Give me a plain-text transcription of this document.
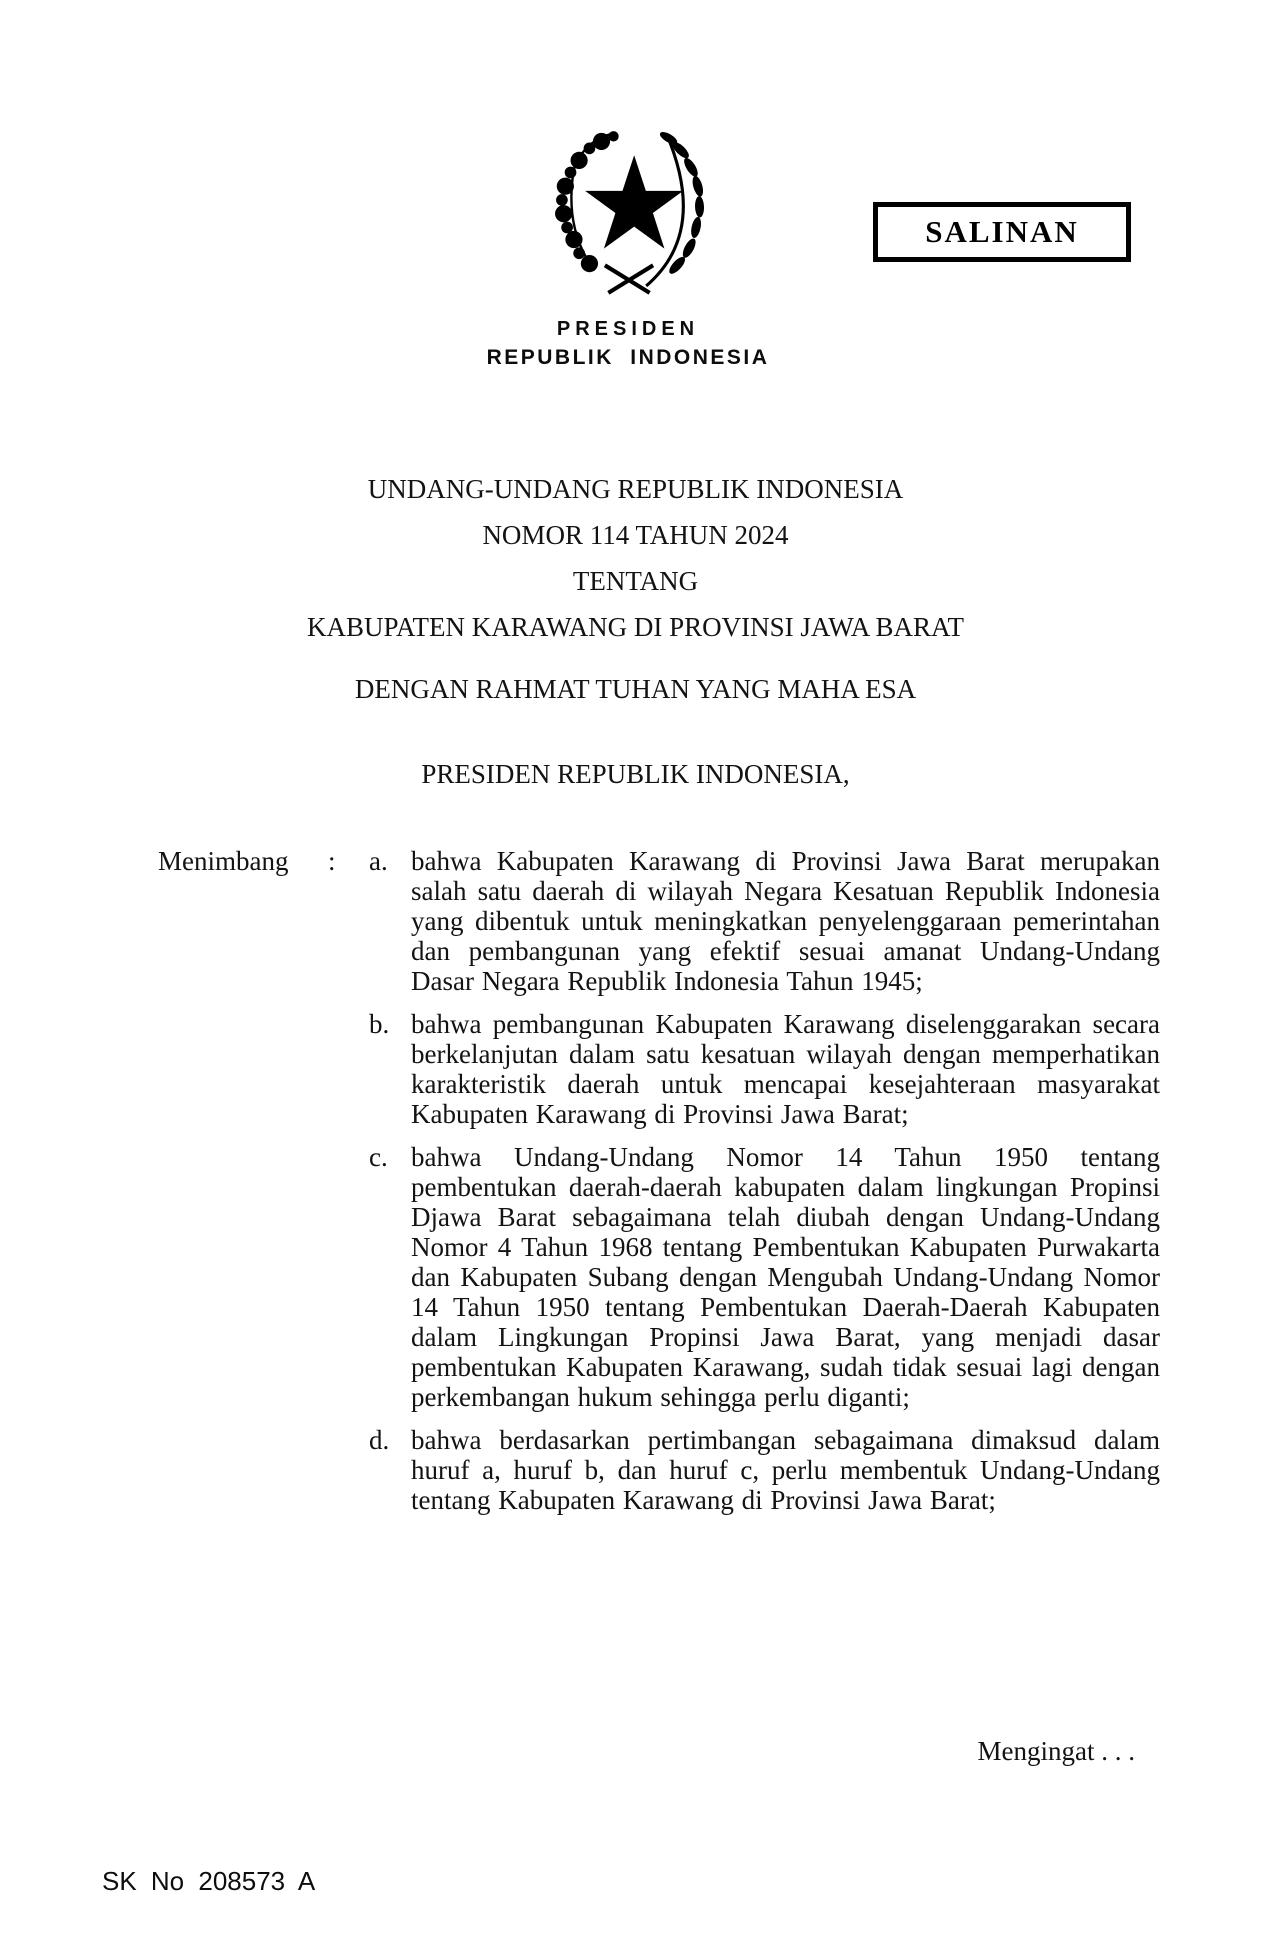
PRESIDEN
REPUBLIK INDONESIA
SALINAN
UNDANG-UNDANG REPUBLIK INDONESIA
NOMOR 114 TAHUN 2024
TENTANG
KABUPATEN KARAWANG DI PROVINSI JAWA BARAT
DENGAN RAHMAT TUHAN YANG MAHA ESA
PRESIDEN REPUBLIK INDONESIA,
Menimbang : a. bahwa Kabupaten Karawang di Provinsi Jawa Barat merupakan salah satu daerah di wilayah Negara Kesatuan Republik Indonesia yang dibentuk untuk meningkatkan penyelenggaraan pemerintahan dan pembangunan yang efektif sesuai amanat Undang-Undang Dasar Negara Republik Indonesia Tahun 1945;

b. bahwa pembangunan Kabupaten Karawang diselenggarakan secara berkelanjutan dalam satu kesatuan wilayah dengan memperhatikan karakteristik daerah untuk mencapai kesejahteraan masyarakat Kabupaten Karawang di Provinsi Jawa Barat;

c. bahwa Undang-Undang Nomor 14 Tahun 1950 tentang pembentukan daerah-daerah kabupaten dalam lingkungan Propinsi Djawa Barat sebagaimana telah diubah dengan Undang-Undang Nomor 4 Tahun 1968 tentang Pembentukan Kabupaten Purwakarta dan Kabupaten Subang dengan Mengubah Undang-Undang Nomor 14 Tahun 1950 tentang Pembentukan Daerah-Daerah Kabupaten dalam Lingkungan Propinsi Jawa Barat, yang menjadi dasar pembentukan Kabupaten Karawang, sudah tidak sesuai lagi dengan perkembangan hukum sehingga perlu diganti;

d. bahwa berdasarkan pertimbangan sebagaimana dimaksud dalam huruf a, huruf b, dan huruf c, perlu membentuk Undang-Undang tentang Kabupaten Karawang di Provinsi Jawa Barat;

Mengingat . . .
SK No 208573 A
